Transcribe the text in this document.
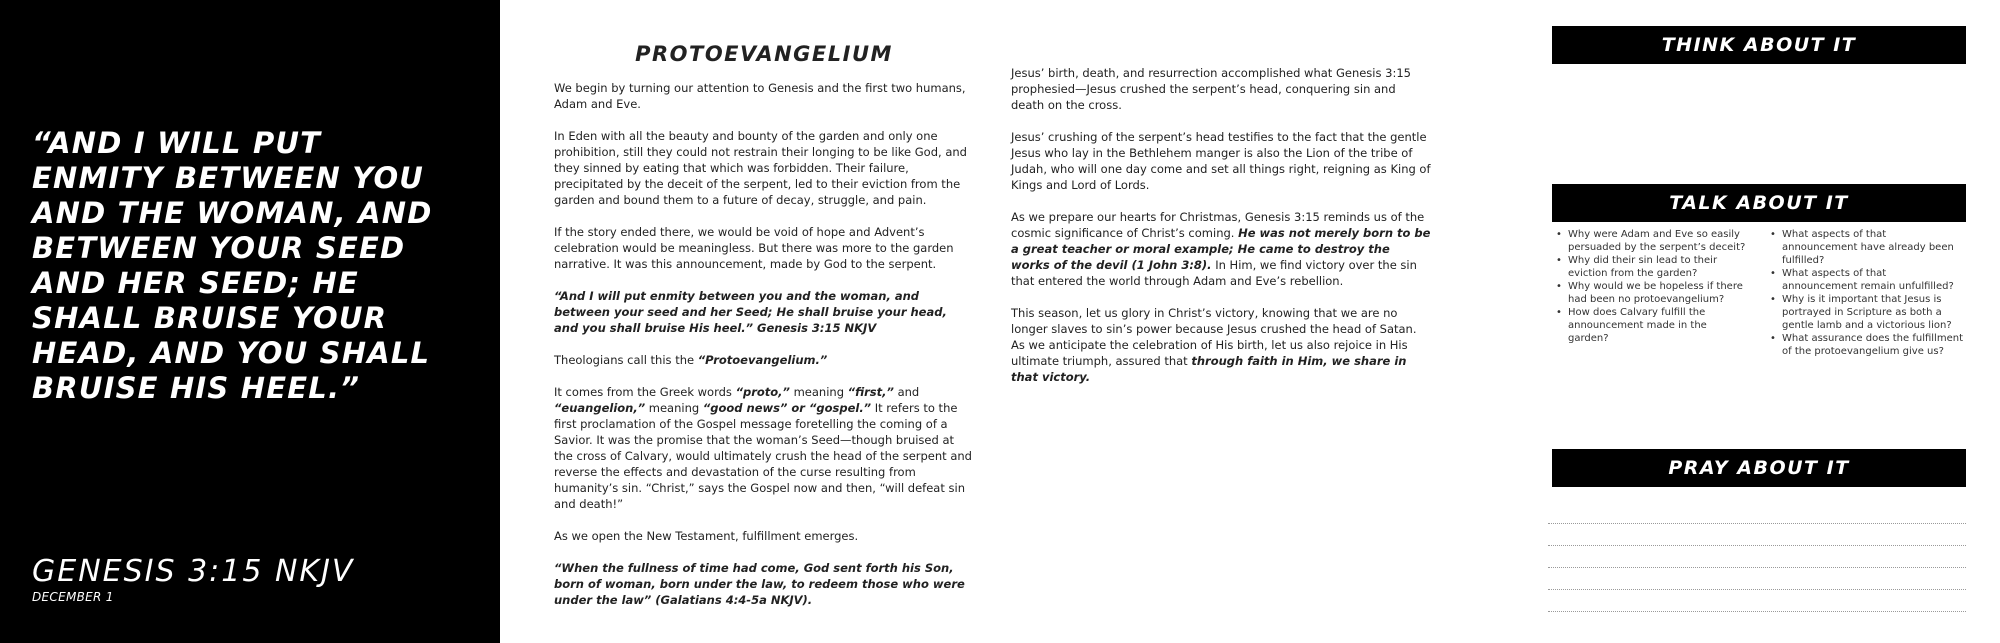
“AND I WILL PUT ENMITY BETWEEN YOU AND THE WOMAN, AND BETWEEN YOUR SEED AND HER SEED; HE SHALL BRUISE YOUR HEAD, AND YOU SHALL BRUISE HIS HEEL.”
GENESIS 3:15 NKJV
DECEMBER 1
PROTOEVANGELIUM

We begin by turning our attention to Genesis and the first two humans, Adam and Eve.

In Eden with all the beauty and bounty of the garden and only one prohibition, still they could not restrain their longing to be like God, and they sinned by eating that which was forbidden. Their failure, precipitated by the deceit of the serpent, led to their eviction from the garden and bound them to a future of decay, struggle, and pain.

If the story ended there, we would be void of hope and Advent’s celebration would be meaningless. But there was more to the garden narrative. It was this announcement, made by God to the serpent.

“And I will put enmity between you and the woman, and between your seed and her Seed; He shall bruise your head, and you shall bruise His heel.” Genesis 3:15 NKJV

Theologians call this the “Protoevangelium.”

It comes from the Greek words “proto,” meaning “first,” and “euangelion,” meaning “good news” or “gospel.” It refers to the first proclamation of the Gospel message foretelling the coming of a Savior. It was the promise that the woman’s Seed—though bruised at the cross of Calvary, would ultimately crush the head of the serpent and reverse the effects and devastation of the curse resulting from humanity’s sin. “Christ,” says the Gospel now and then, “will defeat sin and death!”

As we open the New Testament, fulfillment emerges.

“When the fullness of time had come, God sent forth his Son, born of woman, born under the law, to redeem those who were under the law” (Galatians 4:4-5a NKJV).

Jesus’ birth, death, and resurrection accomplished what Genesis 3:15 prophesied—Jesus crushed the serpent’s head, conquering sin and death on the cross.

Jesus’ crushing of the serpent’s head testifies to the fact that the gentle Jesus who lay in the Bethlehem manger is also the Lion of the tribe of Judah, who will one day come and set all things right, reigning as King of Kings and Lord of Lords.

As we prepare our hearts for Christmas, Genesis 3:15 reminds us of the cosmic significance of Christ’s coming. He was not merely born to be a great teacher or moral example; He came to destroy the works of the devil (1 John 3:8). In Him, we find victory over the sin that entered the world through Adam and Eve’s rebellion.

This season, let us glory in Christ’s victory, knowing that we are no longer slaves to sin’s power because Jesus crushed the head of Satan. As we anticipate the celebration of His birth, let us also rejoice in His ultimate triumph, assured that through faith in Him, we share in that victory.

THINK ABOUT IT
TALK ABOUT IT
• Why were Adam and Eve so easily persuaded by the serpent’s deceit?
• Why did their sin lead to their eviction from the garden?
• Why would we be hopeless if there had been no protoevangelium?
• How does Calvary fulfill the announcement made in the garden?
• What aspects of that announcement have already been fulfilled?
• What aspects of that announcement remain unfulfilled?
• Why is it important that Jesus is portrayed in Scripture as both a gentle lamb and a victorious lion?
• What assurance does the fulfillment of the protoevangelium give us?
PRAY ABOUT IT
